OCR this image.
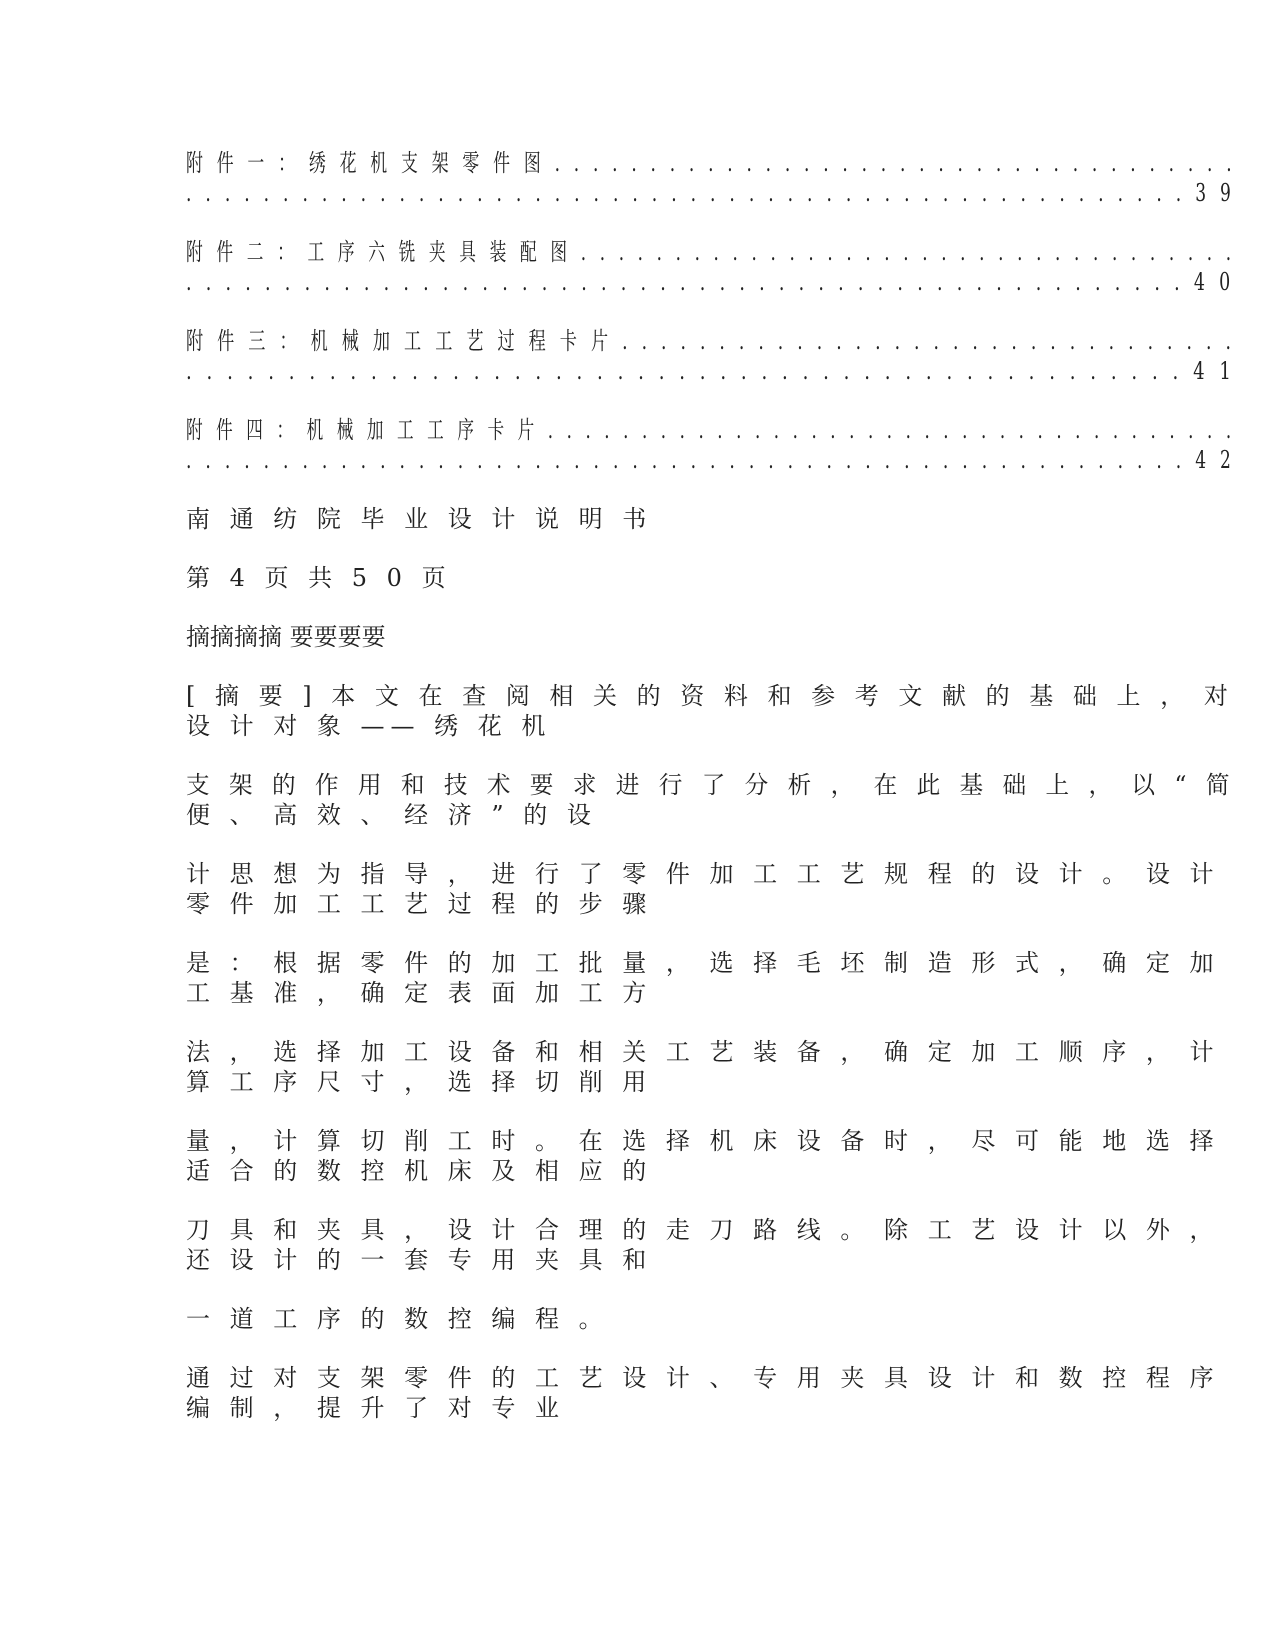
附 件 一 ： 绣 花 机 支 架 零 件 图 . . . . . . . . . . . . . . . . . . . . . . . . . . . . . . . . . . . .

. . . . . . . . . . . . . . . . . . . . . . . . . . . . . . . . . . . . . . . . . . . . . . . . . . . . 3 9

附 件 二 ： 工 序 六 铣 夹 具 装 配 图 . . . . . . . . . . . . . . . . . . . . . . . . . . . . . . . . . . .

. . . . . . . . . . . . . . . . . . . . . . . . . . . . . . . . . . . . . . . . . . . . . . . . . . . 4 0

附 件 三 ： 机 械 加 工 工 艺 过 程 卡 片 . . . . . . . . . . . . . . . . . . . . . . . . . . . . . . . .

. . . . . . . . . . . . . . . . . . . . . . . . . . . . . . . . . . . . . . . . . . . . . . . . . 4 1

附 件 四 ： 机 械 加 工 工 序 卡 片 . . . . . . . . . . . . . . . . . . . . . . . . . . . . . . . . . . . . .

. . . . . . . . . . . . . . . . . . . . . . . . . . . . . . . . . . . . . . . . . . . . . . . . . . . . 4 2

南 通 纺 院 毕 业 设 计 说 明 书

第 4 页 共 5 0 页

摘摘摘摘 要要要要

[ 摘 要 ] 本 文 在 查 阅 相 关 的 资 料 和 参 考 文 献 的 基 础 上 ， 对

设 计 对 象 —— 绣 花 机

支 架 的 作 用 和 技 术 要 求 进 行 了 分 析 ， 在 此 基 础 上 ， 以 “ 简

便 、 高 效 、 经 济 ” 的 设

计 思 想 为 指 导 ， 进 行 了 零 件 加 工 工 艺 规 程 的 设 计 。 设 计

零 件 加 工 工 艺 过 程 的 步 骤

是 ： 根 据 零 件 的 加 工 批 量 ， 选 择 毛 坯 制 造 形 式 ， 确 定 加

工 基 准 ， 确 定 表 面 加 工 方

法 ， 选 择 加 工 设 备 和 相 关 工 艺 装 备 ， 确 定 加 工 顺 序 ， 计

算 工 序 尺 寸 ， 选 择 切 削 用

量 ， 计 算 切 削 工 时 。 在 选 择 机 床 设 备 时 ， 尽 可 能 地 选 择

适 合 的 数 控 机 床 及 相 应 的

刀 具 和 夹 具 ， 设 计 合 理 的 走 刀 路 线 。 除 工 艺 设 计 以 外 ，

还 设 计 的 一 套 专 用 夹 具 和

一 道 工 序 的 数 控 编 程 。

通 过 对 支 架 零 件 的 工 艺 设 计 、 专 用 夹 具 设 计 和 数 控 程 序

编 制 ， 提 升 了 对 专 业
